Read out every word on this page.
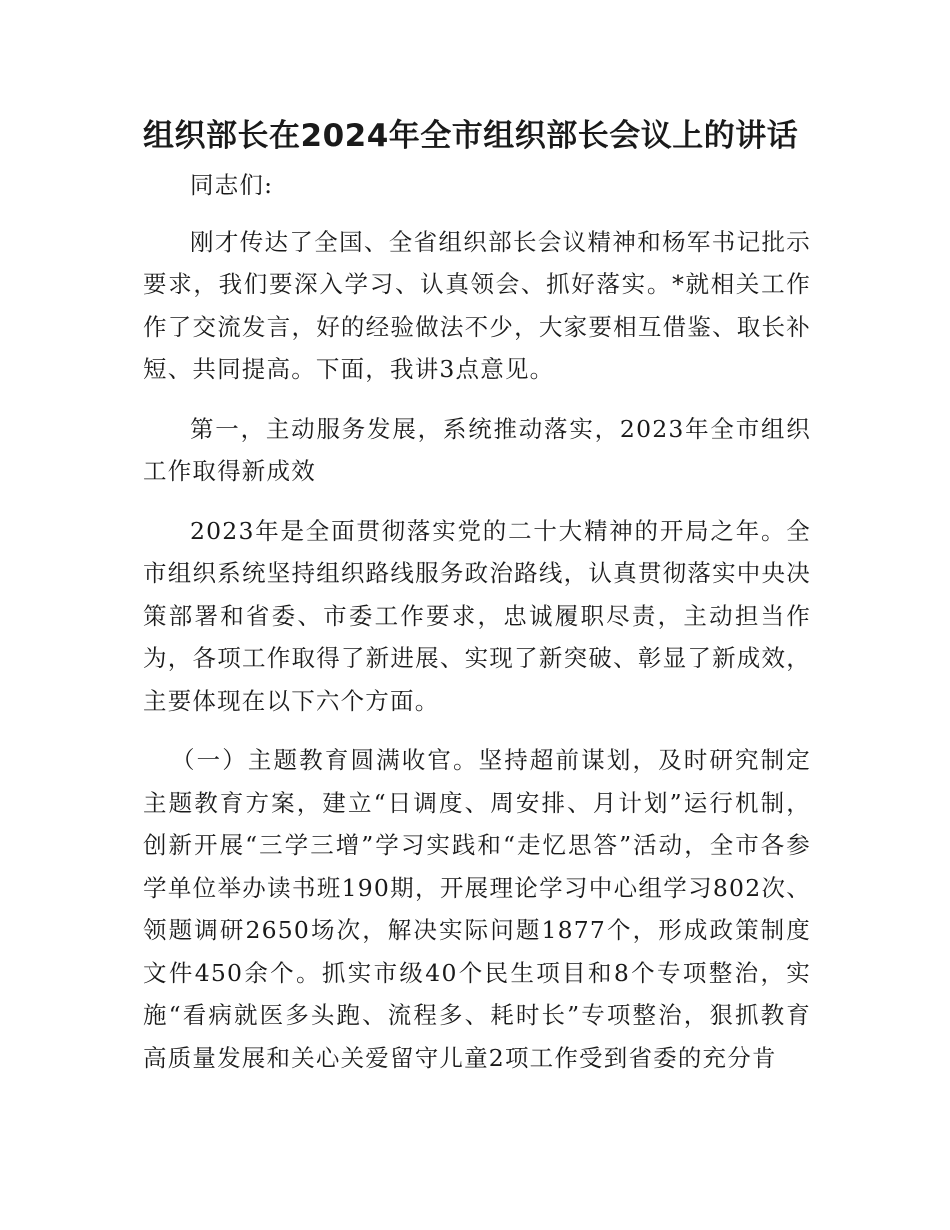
组织部长在2024年全市组织部长会议上的讲话

同志们:

刚才传达了全国、全省组织部长会议精神和杨军书记批示要求，我们要深入学习、认真领会、抓好落实。*就相关工作作了交流发言，好的经验做法不少，大家要相互借鉴、取长补短、共同提高。下面，我讲3点意见。

第一，主动服务发展，系统推动落实，2023年全市组织工作取得新成效

2023年是全面贯彻落实党的二十大精神的开局之年。全市组织系统坚持组织路线服务政治路线，认真贯彻落实中央决策部署和省委、市委工作要求，忠诚履职尽责，主动担当作为，各项工作取得了新进展、实现了新突破、彰显了新成效，主要体现在以下六个方面。

（一）主题教育圆满收官。坚持超前谋划，及时研究制定主题教育方案，建立“日调度、周安排、月计划”运行机制，创新开展“三学三增”学习实践和“走忆思答”活动，全市各参学单位举办读书班190期，开展理论学习中心组学习802次、领题调研2650场次，解决实际问题1877个，形成政策制度文件450余个。抓实市级40个民生项目和8个专项整治，实施“看病就医多头跑、流程多、耗时长”专项整治，狠抓教育高质量发展和关心关爱留守儿童2项工作受到省委的充分肯
